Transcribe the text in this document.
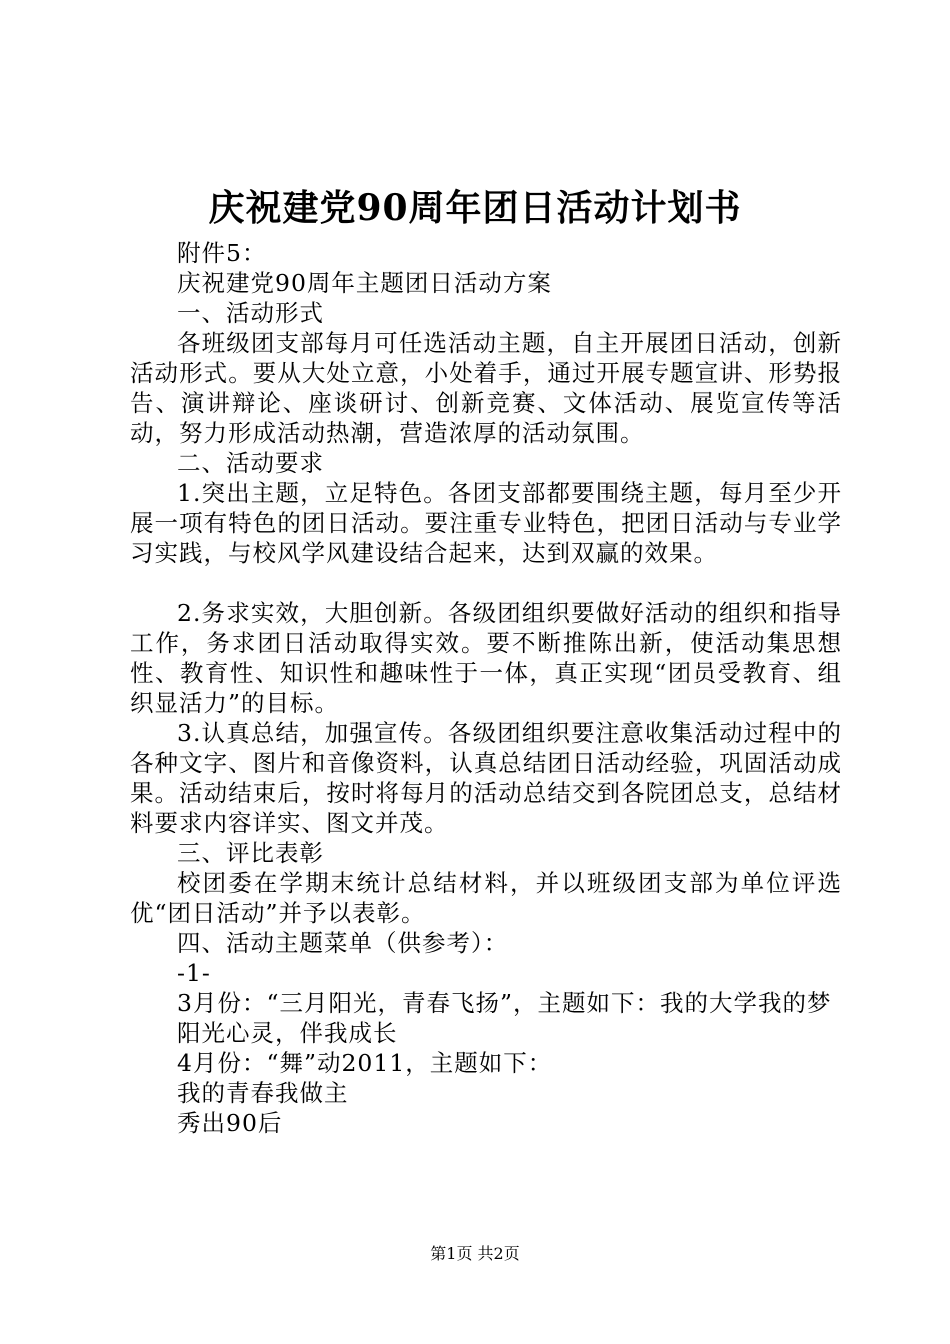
庆祝建党90周年团日活动计划书

附件5：

庆祝建党90周年主题团日活动方案

一、活动形式

各班级团支部每月可任选活动主题，自主开展团日活动，创新活动形式。要从大处立意，小处着手，通过开展专题宣讲、形势报告、演讲辩论、座谈研讨、创新竞赛、文体活动、展览宣传等活动，努力形成活动热潮，营造浓厚的活动氛围。

二、活动要求

1.突出主题，立足特色。各团支部都要围绕主题，每月至少开展一项有特色的团日活动。要注重专业特色，把团日活动与专业学习实践，与校风学风建设结合起来，达到双赢的效果。

2.务求实效，大胆创新。各级团组织要做好活动的组织和指导工作，务求团日活动取得实效。要不断推陈出新，使活动集思想性、教育性、知识性和趣味性于一体，真正实现“团员受教育、组织显活力”的目标。

3.认真总结，加强宣传。各级团组织要注意收集活动过程中的各种文字、图片和音像资料，认真总结团日活动经验，巩固活动成果。活动结束后，按时将每月的活动总结交到各院团总支，总结材料要求内容详实、图文并茂。

三、评比表彰

校团委在学期末统计总结材料，并以班级团支部为单位评选优“团日活动”并予以表彰。

四、活动主题菜单（供参考）：

-1-

3月份：“三月阳光，青春飞扬”，主题如下：我的大学我的梦

阳光心灵，伴我成长

4月份：“舞”动2011，主题如下：

我的青春我做主

秀出90后

第1页 共2页
